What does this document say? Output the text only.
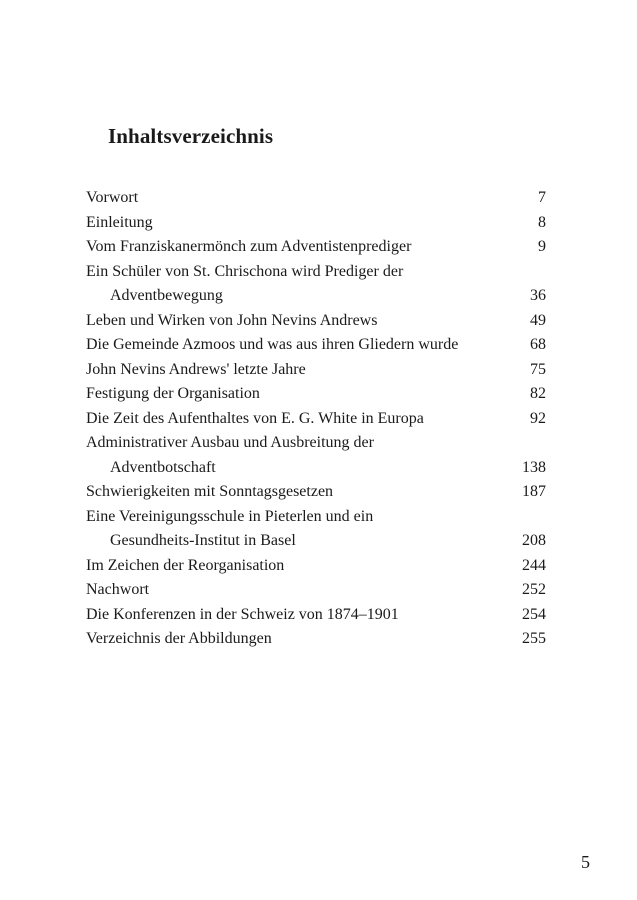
Inhaltsverzeichnis
Vorwort	7
Einleitung	8
Vom Franziskanermönch zum Adventistenprediger	9
Ein Schüler von St. Chrischona wird Prediger der
Adventbewegung	36
Leben und Wirken von John Nevins Andrews	49
Die Gemeinde Azmoos und was aus ihren Gliedern wurde	68
John Nevins Andrews' letzte Jahre	75
Festigung der Organisation	82
Die Zeit des Aufenthaltes von E. G. White in Europa	92
Administrativer Ausbau und Ausbreitung der
Adventbotschaft	138
Schwierigkeiten mit Sonntagsgesetzen	187
Eine Vereinigungsschule in Pieterlen und ein
Gesundheits-Institut in Basel	208
Im Zeichen der Reorganisation	244
Nachwort	252
Die Konferenzen in der Schweiz von 1874–1901	254
Verzeichnis der Abbildungen	255
5
